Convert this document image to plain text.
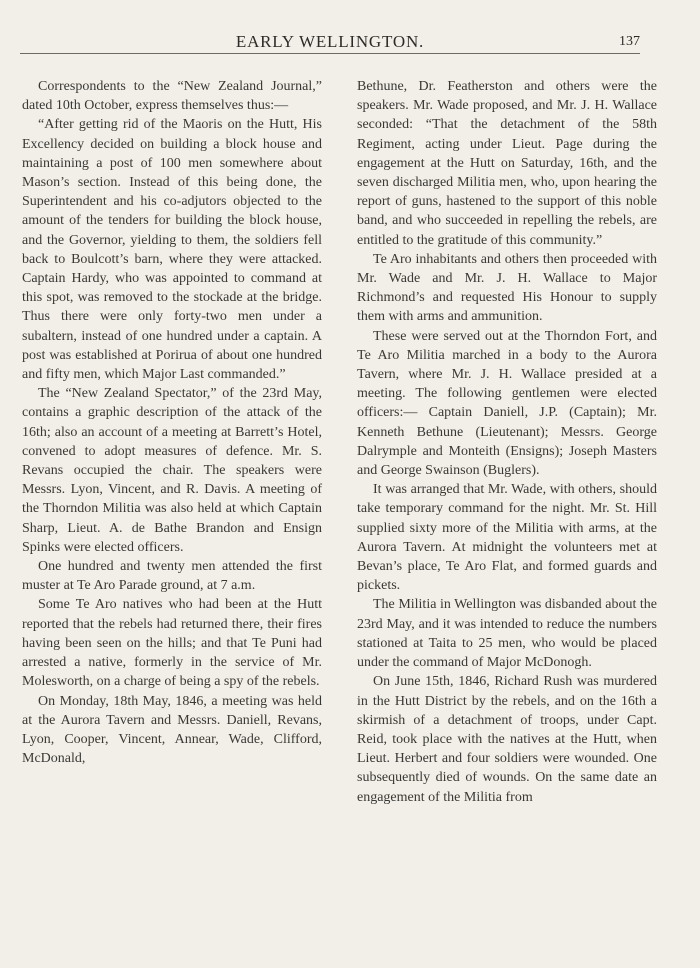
EARLY WELLINGTON.	137

Correspondents to the “New Zealand Journal,” dated 10th October, express themselves thus:—

“After getting rid of the Maoris on the Hutt, His Excellency decided on building a block house and maintaining a post of 100 men somewhere about Mason’s section. Instead of this being done, the Superintendent and his co-adjutors objected to the amount of the tenders for building the block house, and the Governor, yielding to them, the soldiers fell back to Boulcott’s barn, where they were attacked. Captain Hardy, who was appointed to command at this spot, was removed to the stockade at the bridge. Thus there were only forty-two men under a subaltern, instead of one hundred under a captain. A post was established at Porirua of about one hundred and fifty men, which Major Last commanded.”

The “New Zealand Spectator,” of the 23rd May, contains a graphic description of the attack of the 16th; also an account of a meeting at Barrett’s Hotel, convened to adopt measures of defence. Mr. S. Revans occupied the chair. The speakers were Messrs. Lyon, Vincent, and R. Davis. A meeting of the Thorndon Militia was also held at which Captain Sharp, Lieut. A. de Bathe Brandon and Ensign Spinks were elected officers.

One hundred and twenty men attended the first muster at Te Aro Parade ground, at 7 a.m.

Some Te Aro natives who had been at the Hutt reported that the rebels had returned there, their fires having been seen on the hills; and that Te Puni had arrested a native, formerly in the service of Mr. Molesworth, on a charge of being a spy of the rebels.

On Monday, 18th May, 1846, a meeting was held at the Aurora Tavern and Messrs. Daniell, Revans, Lyon, Cooper, Vincent, Annear, Wade, Clifford, McDonald,

Bethune, Dr. Featherston and others were the speakers. Mr. Wade proposed, and Mr. J. H. Wallace seconded: “That the detachment of the 58th Regiment, acting under Lieut. Page during the engagement at the Hutt on Saturday, 16th, and the seven discharged Militia men, who, upon hearing the report of guns, hastened to the support of this noble band, and who succeeded in repelling the rebels, are entitled to the gratitude of this community.”

Te Aro inhabitants and others then proceeded with Mr. Wade and Mr. J. H. Wallace to Major Richmond’s and requested His Honour to supply them with arms and ammunition.

These were served out at the Thorndon Fort, and Te Aro Militia marched in a body to the Aurora Tavern, where Mr. J. H. Wallace presided at a meeting. The following gentlemen were elected officers:— Captain Daniell, J.P. (Captain); Mr. Kenneth Bethune (Lieutenant); Messrs. George Dalrymple and Monteith (Ensigns); Joseph Masters and George Swainson (Buglers).

It was arranged that Mr. Wade, with others, should take temporary command for the night. Mr. St. Hill supplied sixty more of the Militia with arms, at the Aurora Tavern. At midnight the volunteers met at Bevan’s place, Te Aro Flat, and formed guards and pickets.

The Militia in Wellington was disbanded about the 23rd May, and it was intended to reduce the numbers stationed at Taita to 25 men, who would be placed under the command of Major McDonogh.

On June 15th, 1846, Richard Rush was murdered in the Hutt District by the rebels, and on the 16th a skirmish of a detachment of troops, under Capt. Reid, took place with the natives at the Hutt, when Lieut. Herbert and four soldiers were wounded. One subsequently died of wounds. On the same date an engagement of the Militia from
